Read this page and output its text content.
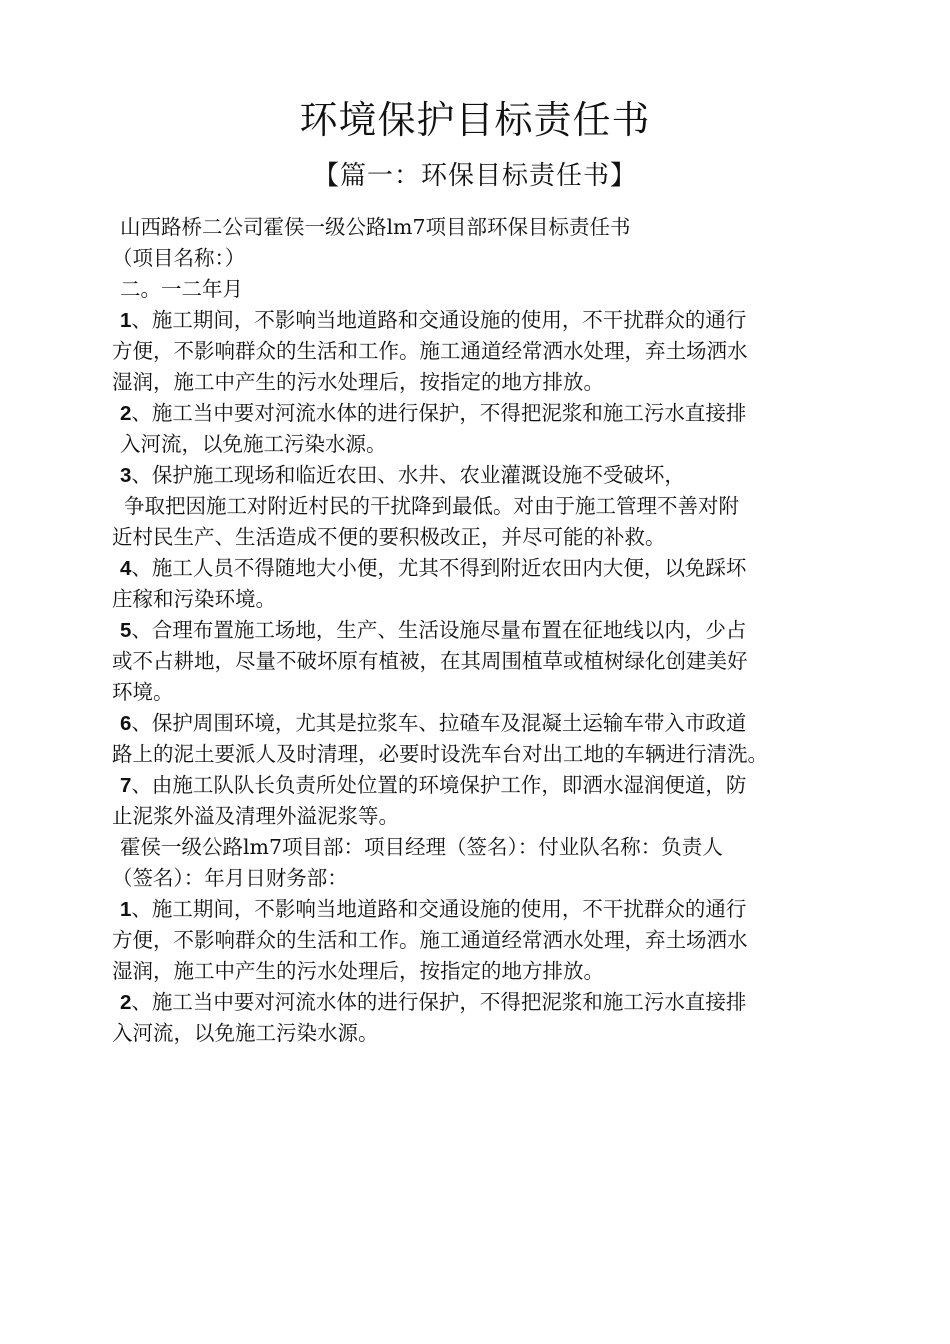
环境保护目标责任书
【篇一：环保目标责任书】

山西路桥二公司霍侯一级公路lm7项目部环保目标责任书

（项目名称：）

二。一二年月

1、施工期间，不影响当地道路和交通设施的使用，不干扰群众的通行

方便，不影响群众的生活和工作。施工通道经常洒水处理，弃土场洒水

湿润，施工中产生的污水处理后，按指定的地方排放。

2、施工当中要对河流水体的进行保护，不得把泥浆和施工污水直接排

入河流，以免施工污染水源。

3、保护施工现场和临近农田、水井、农业灌溉设施不受破坏，

争取把因施工对附近村民的干扰降到最低。对由于施工管理不善对附

近村民生产、生活造成不便的要积极改正，并尽可能的补救。

4、施工人员不得随地大小便，尤其不得到附近农田内大便，以免踩坏

庄稼和污染环境。

5、合理布置施工场地，生产、生活设施尽量布置在征地线以内，少占

或不占耕地，尽量不破坏原有植被，在其周围植草或植树绿化创建美好

环境。

6、保护周围环境，尤其是拉浆车、拉碴车及混凝土运输车带入市政道

路上的泥土要派人及时清理，必要时设洗车台对出工地的车辆进行清洗。

7、由施工队队长负责所处位置的环境保护工作，即洒水湿润便道，防

止泥浆外溢及清理外溢泥浆等。

霍侯一级公路lm7项目部：项目经理（签名）：付业队名称：负责人

（签名）：年月日财务部：

1、施工期间，不影响当地道路和交通设施的使用，不干扰群众的通行

方便，不影响群众的生活和工作。施工通道经常洒水处理，弃土场洒水

湿润，施工中产生的污水处理后，按指定的地方排放。

2、施工当中要对河流水体的进行保护，不得把泥浆和施工污水直接排

入河流，以免施工污染水源。
